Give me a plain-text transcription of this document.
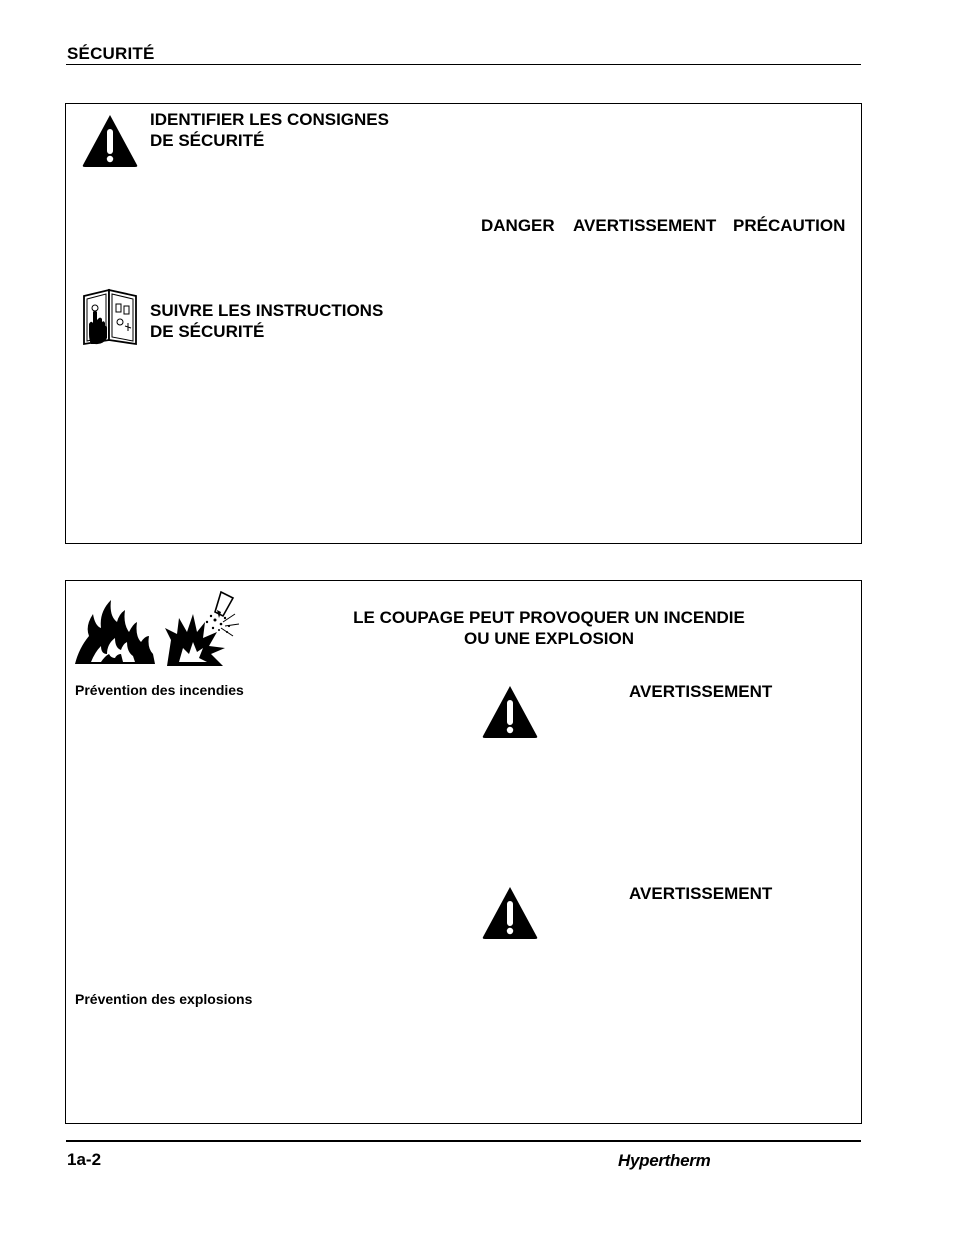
SÉCURITÉ
IDENTIFIER LES CONSIGNES
DE SÉCURITÉ
DANGER AVERTISSEMENT PRÉCAUTION
SUIVRE LES INSTRUCTIONS
DE SÉCURITÉ
LE COUPAGE PEUT PROVOQUER UN INCENDIE
OU UNE EXPLOSION
Prévention des incendies	AVERTISSEMENT
AVERTISSEMENT
Prévention des explosions
1a-2	Hypertherm
